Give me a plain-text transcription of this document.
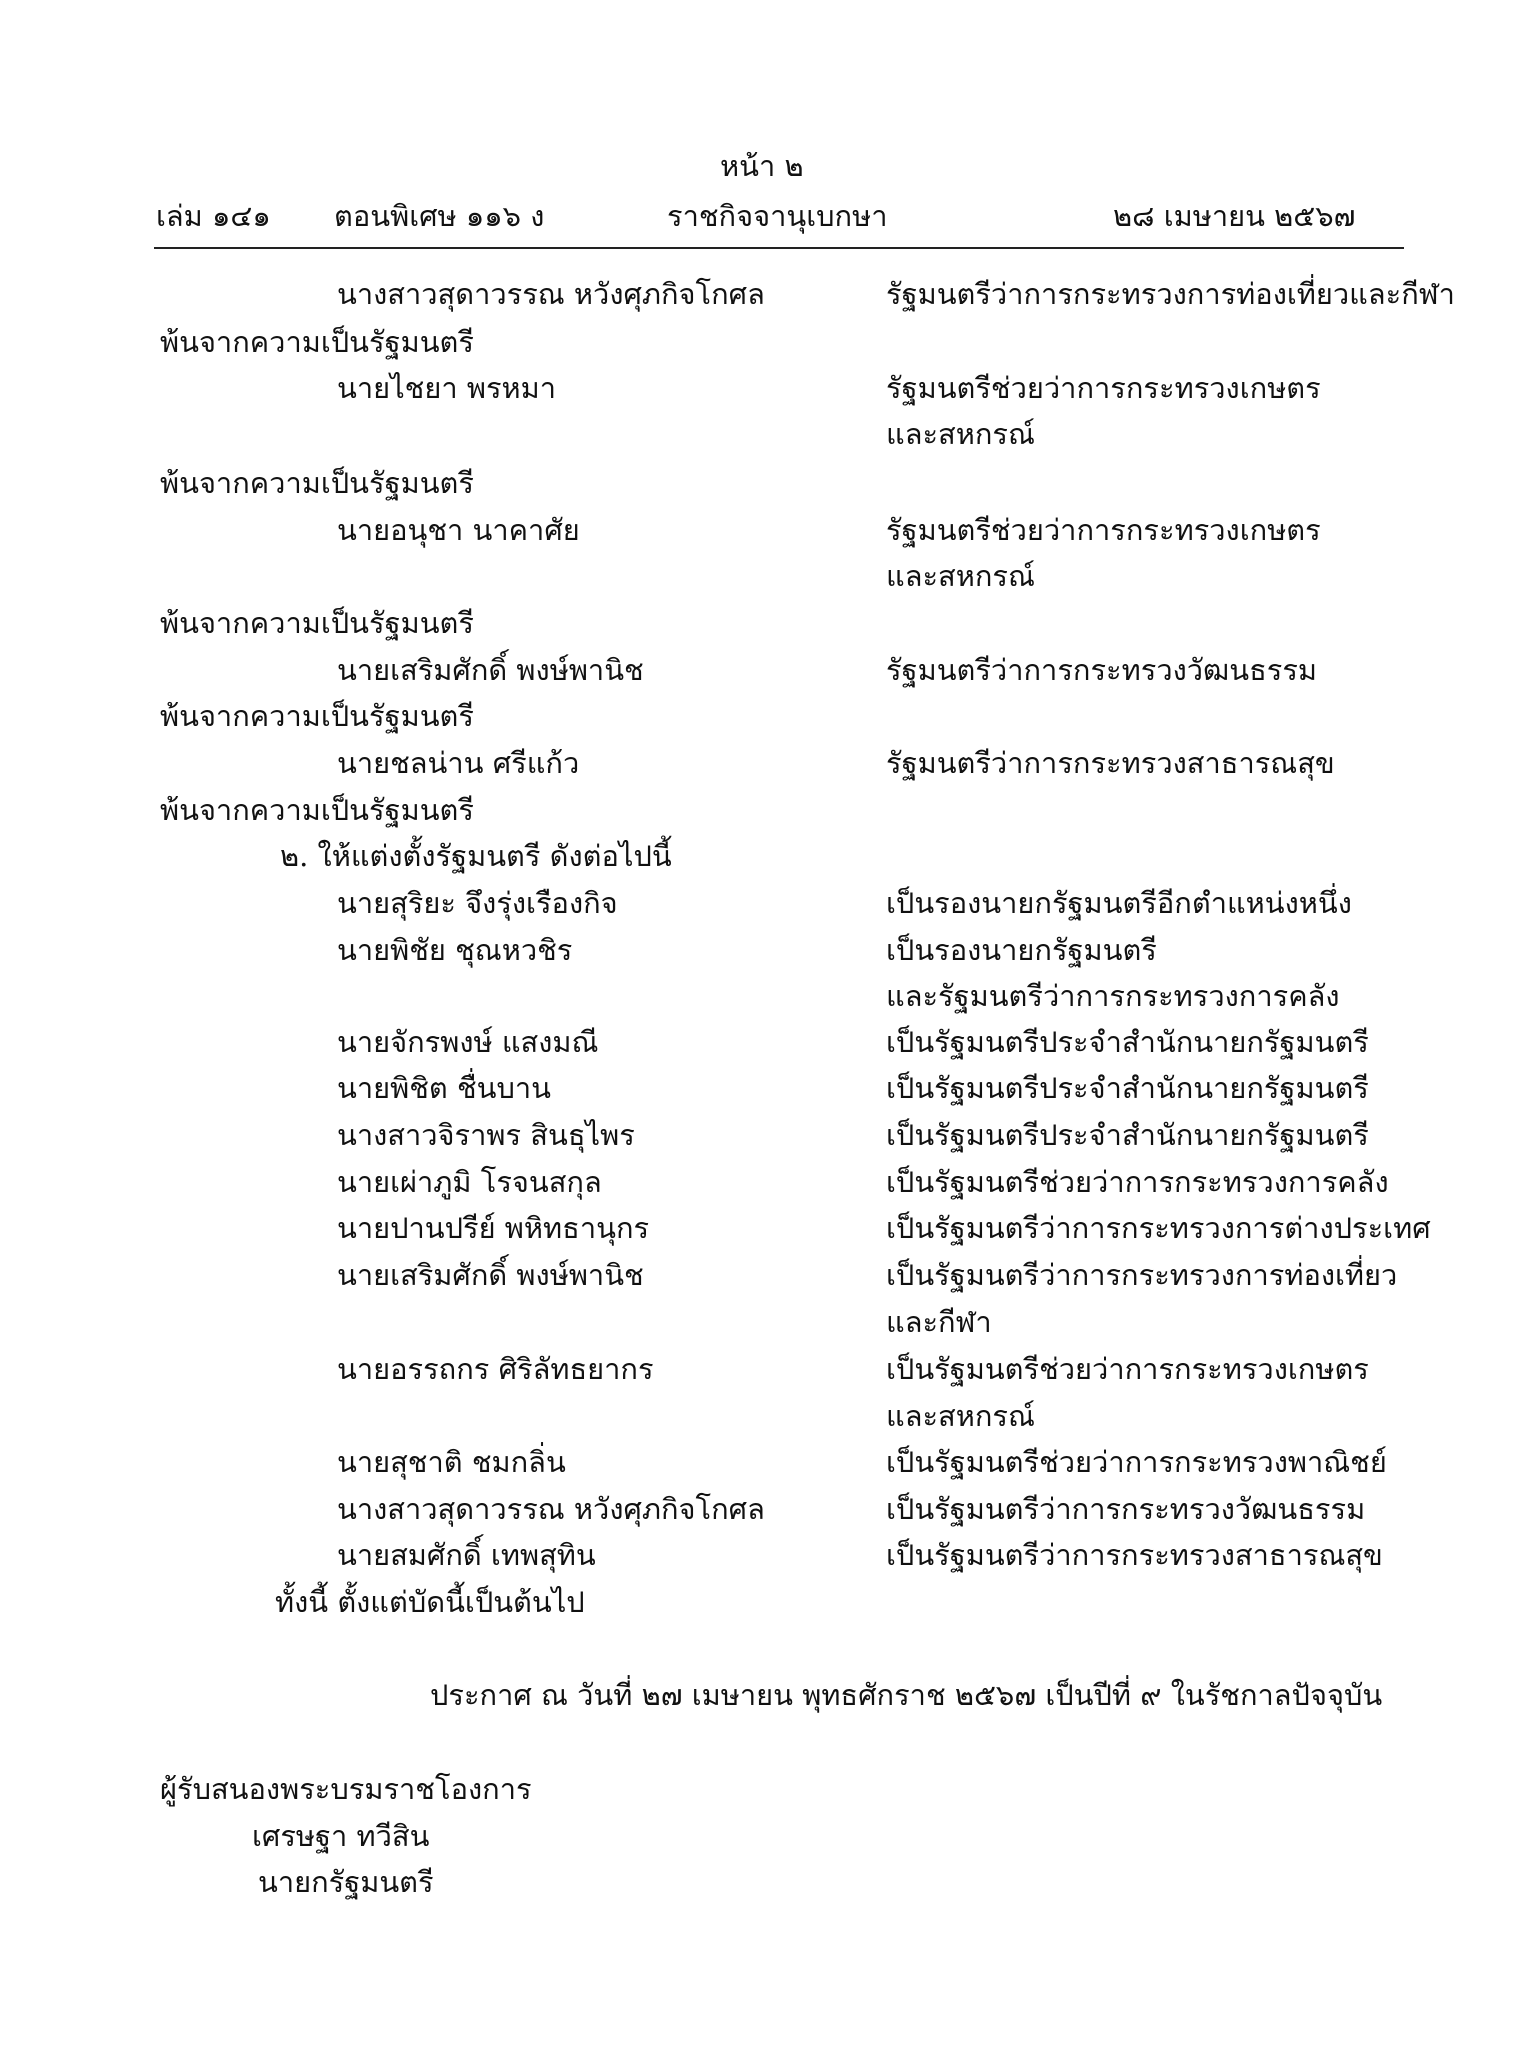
หน้า ๒
เล่ม ๑๔๑ ตอนพิเศษ ๑๑๖ ง	ราชกิจจานุเบกษา	๒๘ เมษายน ๒๕๖๗
นางสาวสุดาวรรณ หวังศุภกิจโกศล	รัฐมนตรีว่าการกระทรวงการท่องเที่ยวและกีฬา
พ้นจากความเป็นรัฐมนตรี
นายไชยา พรหมา	รัฐมนตรีช่วยว่าการกระทรวงเกษตร
และสหกรณ์
พ้นจากความเป็นรัฐมนตรี
นายอนุชา นาคาศัย	รัฐมนตรีช่วยว่าการกระทรวงเกษตร
และสหกรณ์
พ้นจากความเป็นรัฐมนตรี
นายเสริมศักดิ์ พงษ์พานิช	รัฐมนตรีว่าการกระทรวงวัฒนธรรม
พ้นจากความเป็นรัฐมนตรี
นายชลน่าน ศรีแก้ว	รัฐมนตรีว่าการกระทรวงสาธารณสุข
พ้นจากความเป็นรัฐมนตรี
๒. ให้แต่งตั้งรัฐมนตรี ดังต่อไปนี้
นายสุริยะ จึงรุ่งเรืองกิจ	เป็นรองนายกรัฐมนตรีอีกตำแหน่งหนึ่ง
นายพิชัย ชุณหวชิร	เป็นรองนายกรัฐมนตรี
และรัฐมนตรีว่าการกระทรวงการคลัง
นายจักรพงษ์ แสงมณี	เป็นรัฐมนตรีประจำสำนักนายกรัฐมนตรี
นายพิชิต ชื่นบาน	เป็นรัฐมนตรีประจำสำนักนายกรัฐมนตรี
นางสาวจิราพร สินธุไพร	เป็นรัฐมนตรีประจำสำนักนายกรัฐมนตรี
นายเผ่าภูมิ โรจนสกุล	เป็นรัฐมนตรีช่วยว่าการกระทรวงการคลัง
นายปานปรีย์ พหิทธานุกร	เป็นรัฐมนตรีว่าการกระทรวงการต่างประเทศ
นายเสริมศักดิ์ พงษ์พานิช	เป็นรัฐมนตรีว่าการกระทรวงการท่องเที่ยว
และกีฬา
นายอรรถกร ศิริลัทธยากร	เป็นรัฐมนตรีช่วยว่าการกระทรวงเกษตร
และสหกรณ์
นายสุชาติ ชมกลิ่น	เป็นรัฐมนตรีช่วยว่าการกระทรวงพาณิชย์
นางสาวสุดาวรรณ หวังศุภกิจโกศล	เป็นรัฐมนตรีว่าการกระทรวงวัฒนธรรม
นายสมศักดิ์ เทพสุทิน	เป็นรัฐมนตรีว่าการกระทรวงสาธารณสุข
ทั้งนี้ ตั้งแต่บัดนี้เป็นต้นไป
ประกาศ ณ วันที่ ๒๗ เมษายน พุทธศักราช ๒๕๖๗ เป็นปีที่ ๙ ในรัชกาลปัจจุบัน
ผู้รับสนองพระบรมราชโองการ
เศรษฐา ทวีสิน
นายกรัฐมนตรี
